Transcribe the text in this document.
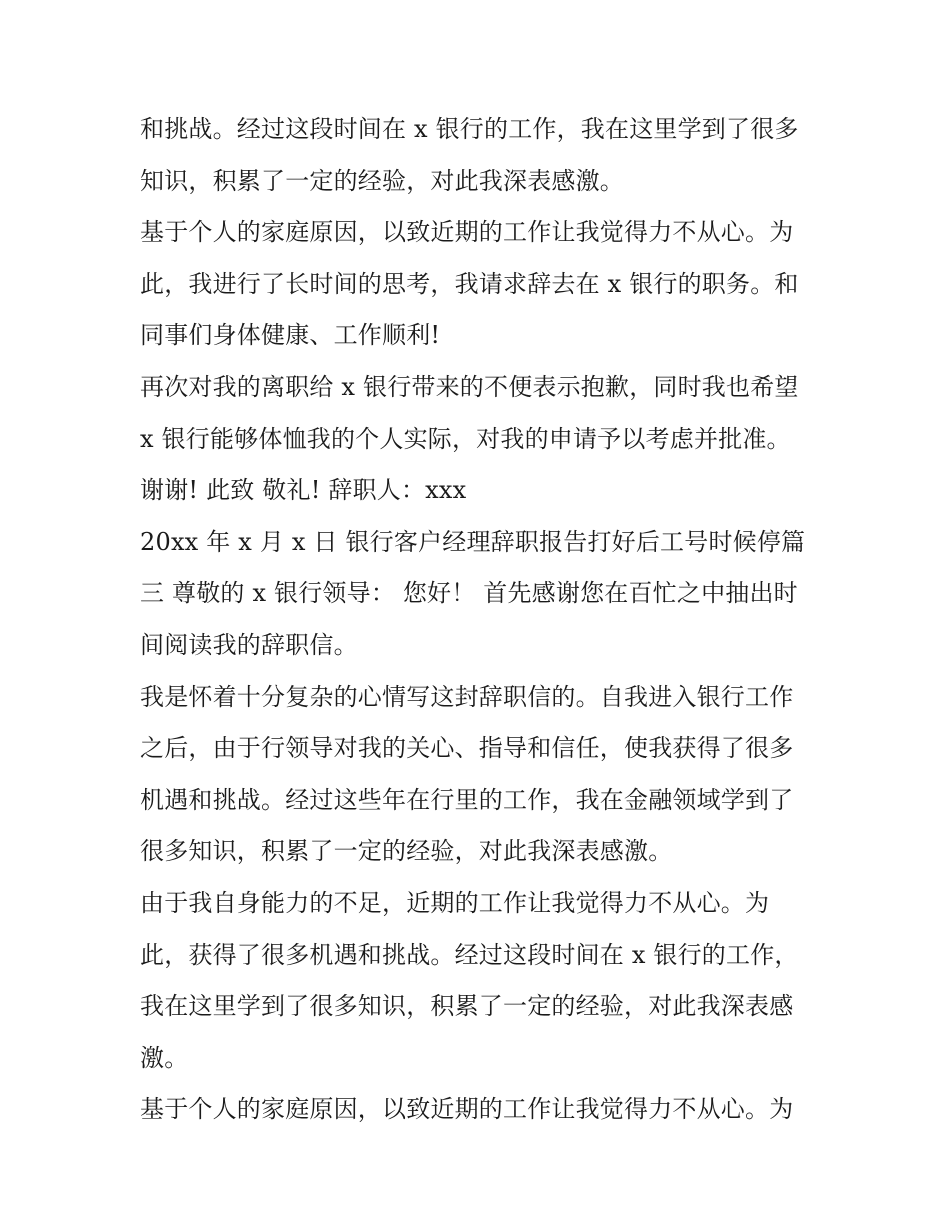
和挑战。经过这段时间在 x 银行的工作，我在这里学到了很多
知识，积累了一定的经验，对此我深表感激。
基于个人的家庭原因，以致近期的工作让我觉得力不从心。为
此，我进行了长时间的思考，我请求辞去在 x 银行的职务。和
同事们身体健康、工作顺利!
再次对我的离职给 x 银行带来的不便表示抱歉，同时我也希望
x 银行能够体恤我的个人实际，对我的申请予以考虑并批准。
谢谢! 此致 敬礼! 辞职人：xxx
20xx 年 x 月 x 日 银行客户经理辞职报告打好后工号时候停篇
三 尊敬的 x 银行领导： 您好！ 首先感谢您在百忙之中抽出时
间阅读我的辞职信。
我是怀着十分复杂的心情写这封辞职信的。自我进入银行工作
之后，由于行领导对我的关心、指导和信任，使我获得了很多
机遇和挑战。经过这些年在行里的工作，我在金融领域学到了
很多知识，积累了一定的经验，对此我深表感激。
由于我自身能力的不足，近期的工作让我觉得力不从心。为
此，获得了很多机遇和挑战。经过这段时间在 x 银行的工作，
我在这里学到了很多知识，积累了一定的经验，对此我深表感
激。
基于个人的家庭原因，以致近期的工作让我觉得力不从心。为
